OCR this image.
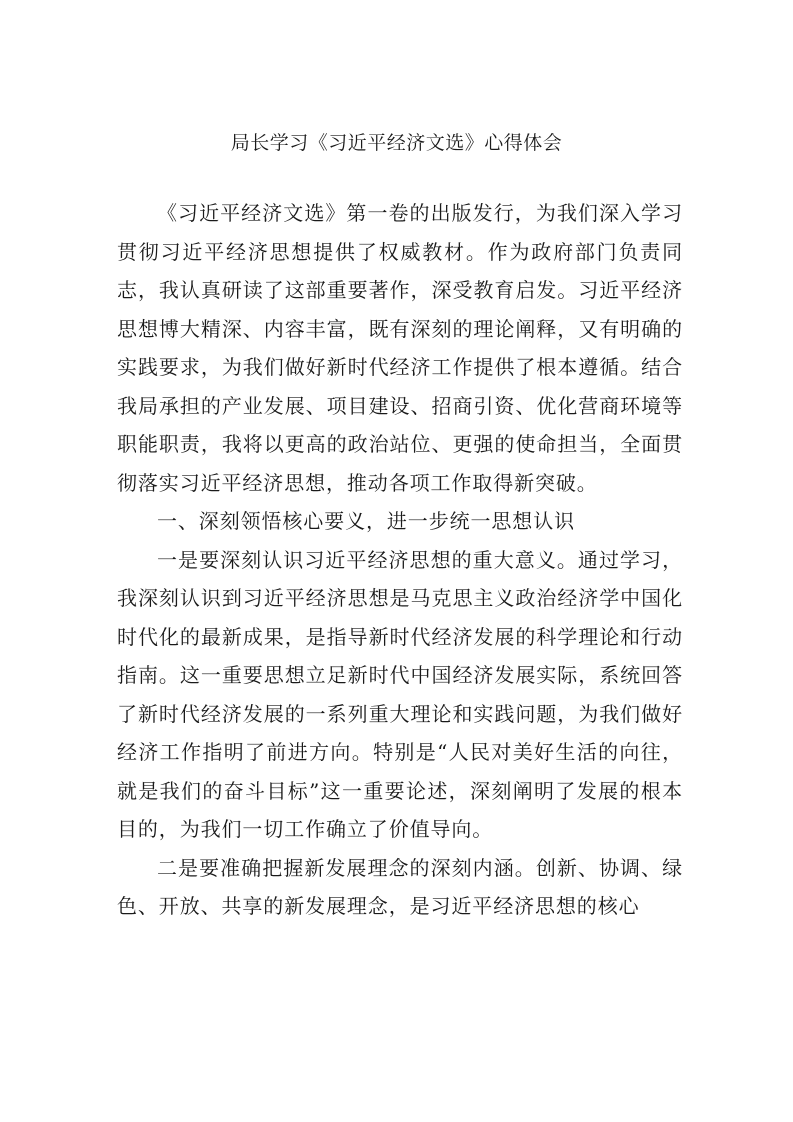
局长学习《习近平经济文选》心得体会

《习近平经济文选》第一卷的出版发行，为我们深入学习贯彻习近平经济思想提供了权威教材。作为政府部门负责同志，我认真研读了这部重要著作，深受教育启发。习近平经济思想博大精深、内容丰富，既有深刻的理论阐释，又有明确的实践要求，为我们做好新时代经济工作提供了根本遵循。结合我局承担的产业发展、项目建设、招商引资、优化营商环境等职能职责，我将以更高的政治站位、更强的使命担当，全面贯彻落实习近平经济思想，推动各项工作取得新突破。

一、深刻领悟核心要义，进一步统一思想认识

一是要深刻认识习近平经济思想的重大意义。通过学习，我深刻认识到习近平经济思想是马克思主义政治经济学中国化时代化的最新成果，是指导新时代经济发展的科学理论和行动指南。这一重要思想立足新时代中国经济发展实际，系统回答了新时代经济发展的一系列重大理论和实践问题，为我们做好经济工作指明了前进方向。特别是“人民对美好生活的向往，就是我们的奋斗目标”这一重要论述，深刻阐明了发展的根本目的，为我们一切工作确立了价值导向。

二是要准确把握新发展理念的深刻内涵。创新、协调、绿色、开放、共享的新发展理念，是习近平经济思想的核心
